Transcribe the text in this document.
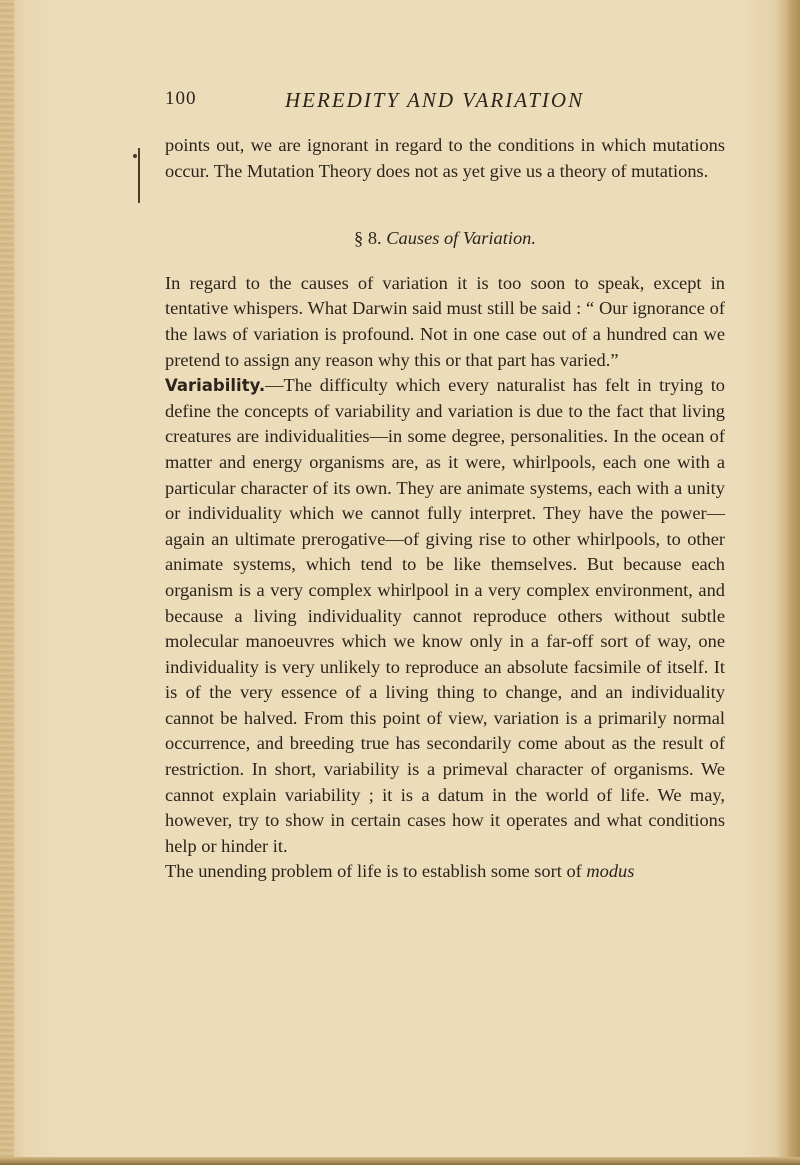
100	HEREDITY AND VARIATION

points out, we are ignorant in regard to the conditions in which mutations occur. The Mutation Theory does not as yet give us a theory of mutations.

§ 8. Causes of Variation.

In regard to the causes of variation it is too soon to speak, except in tentative whispers. What Darwin said must still be said : “ Our ignorance of the laws of variation is profound. Not in one case out of a hundred can we pretend to assign any reason why this or that part has varied.”

Variability.—The difficulty which every naturalist has felt in trying to define the concepts of variability and variation is due to the fact that living creatures are individualities—in some degree, personalities. In the ocean of matter and energy organisms are, as it were, whirlpools, each one with a particular character of its own. They are animate systems, each with a unity or individuality which we cannot fully interpret. They have the power—again an ultimate prerogative—of giving rise to other whirlpools, to other animate systems, which tend to be like themselves. But because each organism is a very complex whirlpool in a very complex environment, and because a living individuality cannot reproduce others without subtle molecular manoeuvres which we know only in a far-off sort of way, one individuality is very unlikely to reproduce an absolute facsimile of itself. It is of the very essence of a living thing to change, and an individuality cannot be halved. From this point of view, variation is a primarily normal occurrence, and breeding true has secondarily come about as the result of restriction. In short, variability is a primeval character of organisms. We cannot explain variability ; it is a datum in the world of life. We may, however, try to show in certain cases how it operates and what conditions help or hinder it.

The unending problem of life is to establish some sort of modus
